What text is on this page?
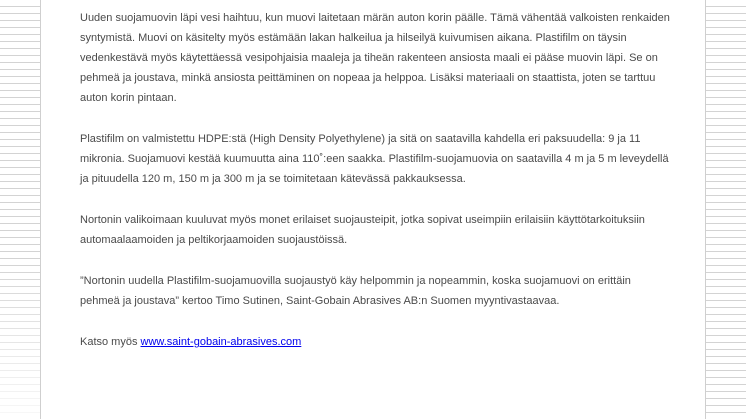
Uuden suojamuovin läpi vesi haihtuu, kun muovi laitetaan märän auton korin päälle. Tämä vähentää valkoisten renkaiden syntymistä. Muovi on käsitelty myös estämään lakan halkeilua ja hilseilyä kuivumisen aikana. Plastifilm on täysin vedenkestävä myös käytettäessä vesipohjaisia maaleja ja tiheän rakenteen ansiosta maali ei pääse muovin läpi. Se on pehmeä ja joustava, minkä ansiosta peittäminen on nopeaa ja helppoa. Lisäksi materiaali on staattista, joten se tarttuu auton korin pintaan.

Plastifilm on valmistettu HDPE:stä (High Density Polyethylene) ja sitä on saatavilla kahdella eri paksuudella: 9 ja 11 mikronia. Suojamuovi kestää kuumuutta aina 110˚:een saakka. Plastifilm-suojamuovia on saatavilla 4 m ja 5 m leveydellä ja pituudella 120 m, 150 m ja 300 m ja se toimitetaan kätevässä pakkauksessa.

Nortonin valikoimaan kuuluvat myös monet erilaiset suojausteipit, jotka sopivat useimpiin erilaisiin käyttötarkoituksiin automaalaamoiden ja peltikorjaamoiden suojaustöissä.

”Nortonin uudella Plastifilm-suojamuovilla suojaustyö käy helpommin ja nopeammin, koska suojamuovi on erittäin pehmeä ja joustava” kertoo Timo Sutinen, Saint-Gobain Abrasives AB:n Suomen myyntivastaavaa.

Katso myös www.saint-gobain-abrasives.com
